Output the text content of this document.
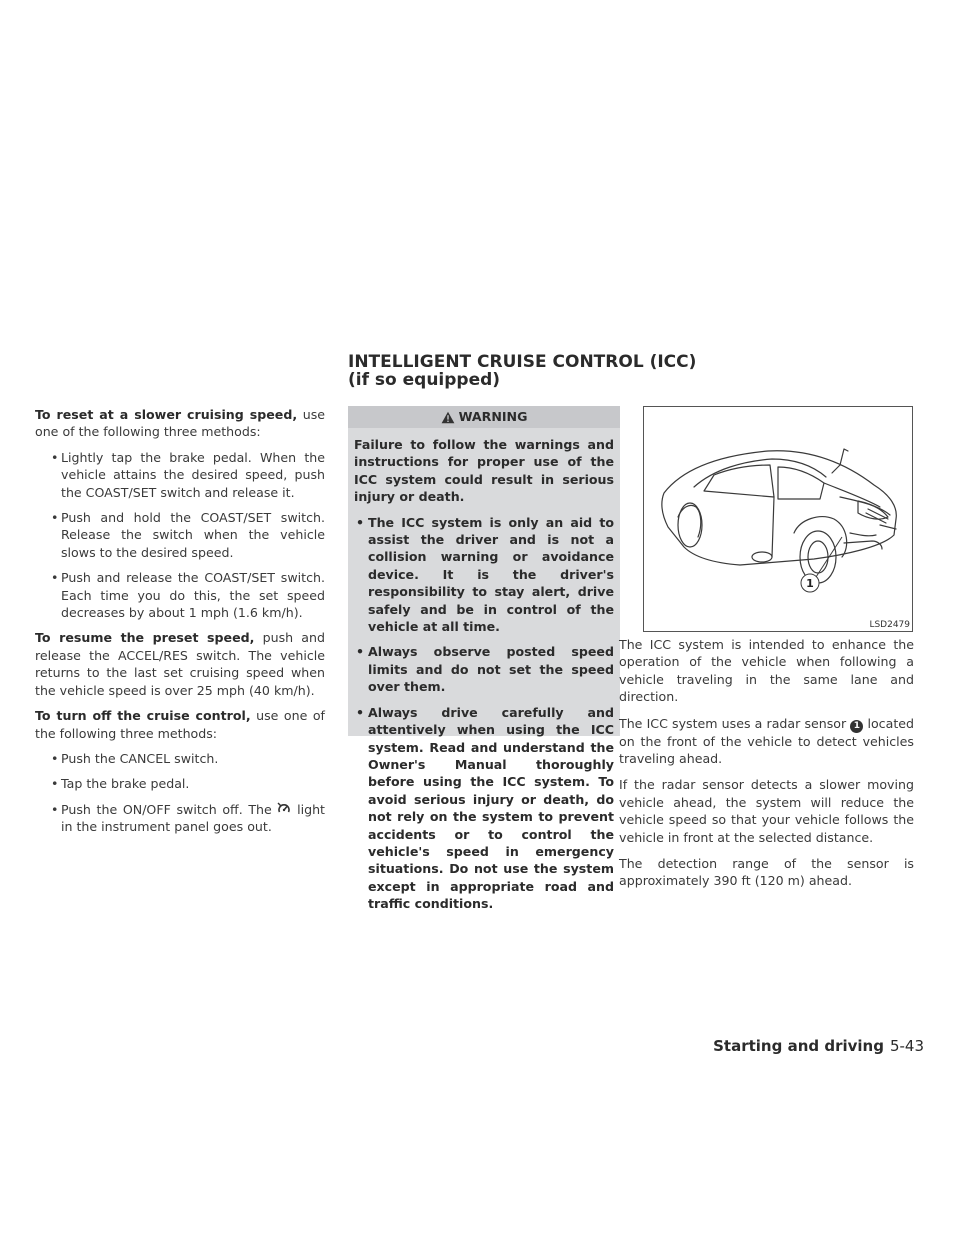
INTELLIGENT CRUISE CONTROL (ICC)
(if so equipped)

To reset at a slower cruising speed, use one of the following three methods:

• Lightly tap the brake pedal. When the vehicle attains the desired speed, push the COAST/SET switch and release it.
• Push and hold the COAST/SET switch. Release the switch when the vehicle slows to the desired speed.
• Push and release the COAST/SET switch. Each time you do this, the set speed decreases by about 1 mph (1.6 km/h).

To resume the preset speed, push and release the ACCEL/RES switch. The vehicle returns to the last set cruising speed when the vehicle speed is over 25 mph (40 km/h).

To turn off the cruise control, use one of the following three methods:

• Push the CANCEL switch.
• Tap the brake pedal.
• Push the ON/OFF switch off. The  light in the instrument panel goes out.
WARNING

Failure to follow the warnings and instructions for proper use of the ICC system could result in serious injury or death.

• The ICC system is only an aid to assist the driver and is not a collision warning or avoidance device. It is the driver's responsibility to stay alert, drive safely and be in control of the vehicle at all time.
• Always observe posted speed limits and do not set the speed over them.
• Always drive carefully and attentively when using the ICC system. Read and understand the Owner's Manual thoroughly before using the ICC system. To avoid serious injury or death, do not rely on the system to prevent accidents or to control the vehicle's speed in emergency situations. Do not use the system except in appropriate road and traffic conditions.
1
LSD2479

The ICC system is intended to enhance the operation of the vehicle when following a vehicle traveling in the same lane and direction.

The ICC system uses a radar sensor 1 located on the front of the vehicle to detect vehicles traveling ahead.

If the radar sensor detects a slower moving vehicle ahead, the system will reduce the vehicle speed so that your vehicle follows the vehicle in front at the selected distance.

The detection range of the sensor is approximately 390 ft (120 m) ahead.

Starting and driving 5-43
